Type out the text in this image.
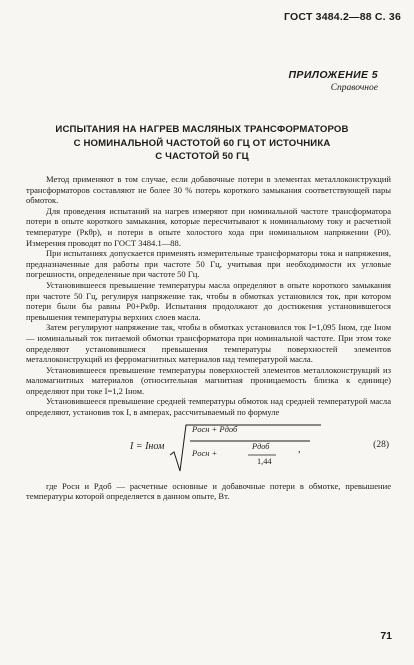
ГОСТ 3484.2—88 С. 36
ПРИЛОЖЕНИЕ 5
Справочное
ИСПЫТАНИЯ НА НАГРЕВ МАСЛЯНЫХ ТРАНСФОРМАТОРОВ
С НОМИНАЛЬНОЙ ЧАСТОТОЙ 60 ГЦ ОТ ИСТОЧНИКА
С ЧАСТОТОЙ 50 ГЦ

Метод применяют в том случае, если добавочные потери в элементах металлоконструкций трансформаторов составляют не более 30 % потерь короткого замыкания соответствующей пары обмоток.

Для проведения испытаний на нагрев измеряют при номинальной частоте трансформатора потери в опыте короткого замыкания, которые пересчитывают к номинальному току и расчетной температуре (Pкθр), и потери в опыте холостого хода при номинальном напряжении (P0). Измерения проводят по ГОСТ 3484.1—88.

При испытаниях допускается применять измерительные трансформаторы тока и напряжения, предназначенные для работы при частоте 50 Гц, учитывая при необходимости их угловые погрешности, определенные при частоте 50 Гц.

Установившееся превышение температуры масла определяют в опыте короткого замыкания при частоте 50 Гц, регулируя напряжение так, чтобы в обмотках установился ток, при котором потери были бы равны P0+Pкθр. Испытания продолжают до достижения установившегося превышения температуры верхних слоев масла.

Затем регулируют напряжение так, чтобы в обмотках установился ток I=1,095 Iном, где Iном — номинальный ток питаемой обмотки трансформатора при номинальной частоте. При этом токе определяют установившиеся превышения температуры поверхностей элементов металлоконструкций из ферромагнитных материалов над температурой масла.

Установившееся превышение температуры поверхностей элементов металлоконструкций из маломагнитных материалов (относительная магнитная проницаемость близка к единице) определяют при токе I=1,2 Iном.

Установившееся превышение средней температуры обмоток над средней температурой масла определяют, установив ток I, в амперах, рассчитываемый по формуле

I = Iном
Pосн + Pдоб
Pосн +
Pдоб
1,44
,	(28)

где Pосн и Pдоб — расчетные основные и добавочные потери в обмотке, превышение температуры которой определяется в данном опыте, Вт.

71
